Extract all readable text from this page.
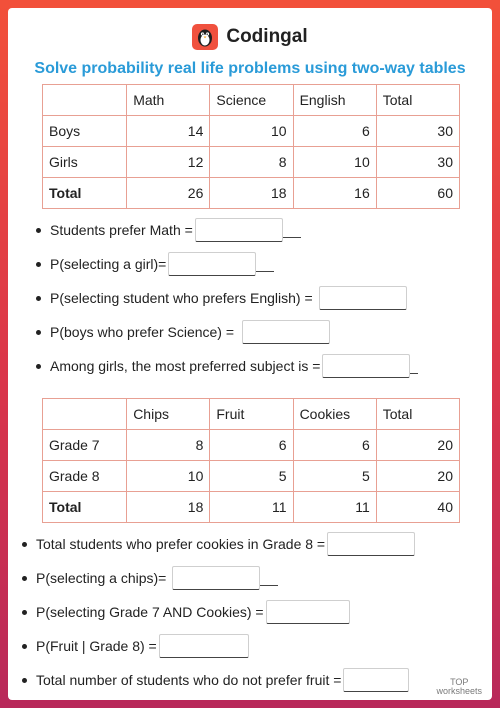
Codingal
Solve probability real life problems using two-way tables
	Math	Science	English	Total
Boys	14	10	6	30
Girls	12	8	10	30
Total	26	18	16	60
Students prefer Math =
P(selecting a girl)=
P(selecting student who prefers English) =
P(boys who prefer Science) =
Among girls, the most preferred subject is =
	Chips	Fruit	Cookies	Total
Grade 7	8	6	6	20
Grade 8	10	5	5	20
Total	18	11	11	40
Total students who prefer cookies in Grade 8 =
P(selecting a chips)=
P(selecting Grade 7 AND Cookies) =
P(Fruit | Grade 8) =
Total number of students who do not prefer fruit =	TOP
worksheets
